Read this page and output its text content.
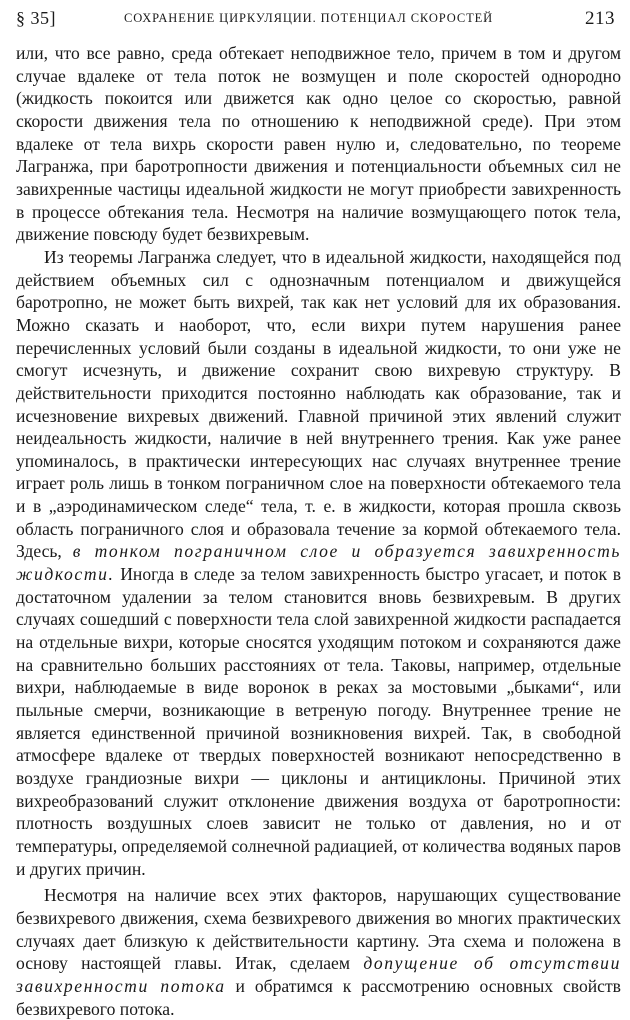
§ 35]	СОХРАНЕНИЕ ЦИРКУЛЯЦИИ. ПОТЕНЦИАЛ СКОРОСТЕЙ	213

или, что все равно, среда обтекает неподвижное тело, причем в том и другом случае вдалеке от тела поток не возмущен и поле скоростей однородно (жидкость покоится или движется как одно целое со скоростью, равной скорости движения тела по отношению к неподвижной среде). При этом вдалеке от тела вихрь скорости равен нулю и, следовательно, по теореме Лагранжа, при баротропности движения и потенциальности объемных сил не завихренные частицы идеальной жидкости не могут приобрести завихренность в процессе обтекания тела. Несмотря на наличие возмущающего поток тела, движение повсюду будет безвихревым.

Из теоремы Лагранжа следует, что в идеальной жидкости, находящейся под действием объемных сил с однозначным потенциалом и движущейся баротропно, не может быть вихрей, так как нет условий для их образования. Можно сказать и наоборот, что, если вихри путем нарушения ранее перечисленных условий были созданы в идеальной жидкости, то они уже не смогут исчезнуть, и движение сохранит свою вихревую структуру. В действительности приходится постоянно наблюдать как образование, так и исчезновение вихревых движений. Главной причиной этих явлений служит неидеальность жидкости, наличие в ней внутреннего трения. Как уже ранее упоминалось, в практически интересующих нас случаях внутреннее трение играет роль лишь в тонком пограничном слое на поверхности обтекаемого тела и в „аэродинамическом следе“ тела, т. е. в жидкости, которая прошла сквозь область пограничного слоя и образовала течение за кормой обтекаемого тела. Здесь, в тонком пограничном слое и образуется завихренность жидкости. Иногда в следе за телом завихренность быстро угасает, и поток в достаточном удалении за телом становится вновь безвихревым. В других случаях сошедший с поверхности тела слой завихренной жидкости распадается на отдельные вихри, которые сносятся уходящим потоком и сохраняются даже на сравнительно больших расстояниях от тела. Таковы, например, отдельные вихри, наблюдаемые в виде воронок в реках за мостовыми „быками“, или пыльные смерчи, возникающие в ветреную погоду. Внутреннее трение не является единственной причиной возникновения вихрей. Так, в свободной атмосфере вдалеке от твердых поверхностей возникают непосредственно в воздухе грандиозные вихри — циклоны и антициклоны. Причиной этих вихреобразований служит отклонение движения воздуха от баротропности: плотность воздушных слоев зависит не только от давления, но и от температуры, определяемой солнечной радиацией, от количества водяных паров и других причин.

Несмотря на наличие всех этих факторов, нарушающих существование безвихревого движения, схема безвихревого движения во многих практических случаях дает близкую к действительности картину. Эта схема и положена в основу настоящей главы. Итак, сделаем допущение об отсутствии завихренности потока и обратимся к рассмотрению основных свойств безвихревого потока.
